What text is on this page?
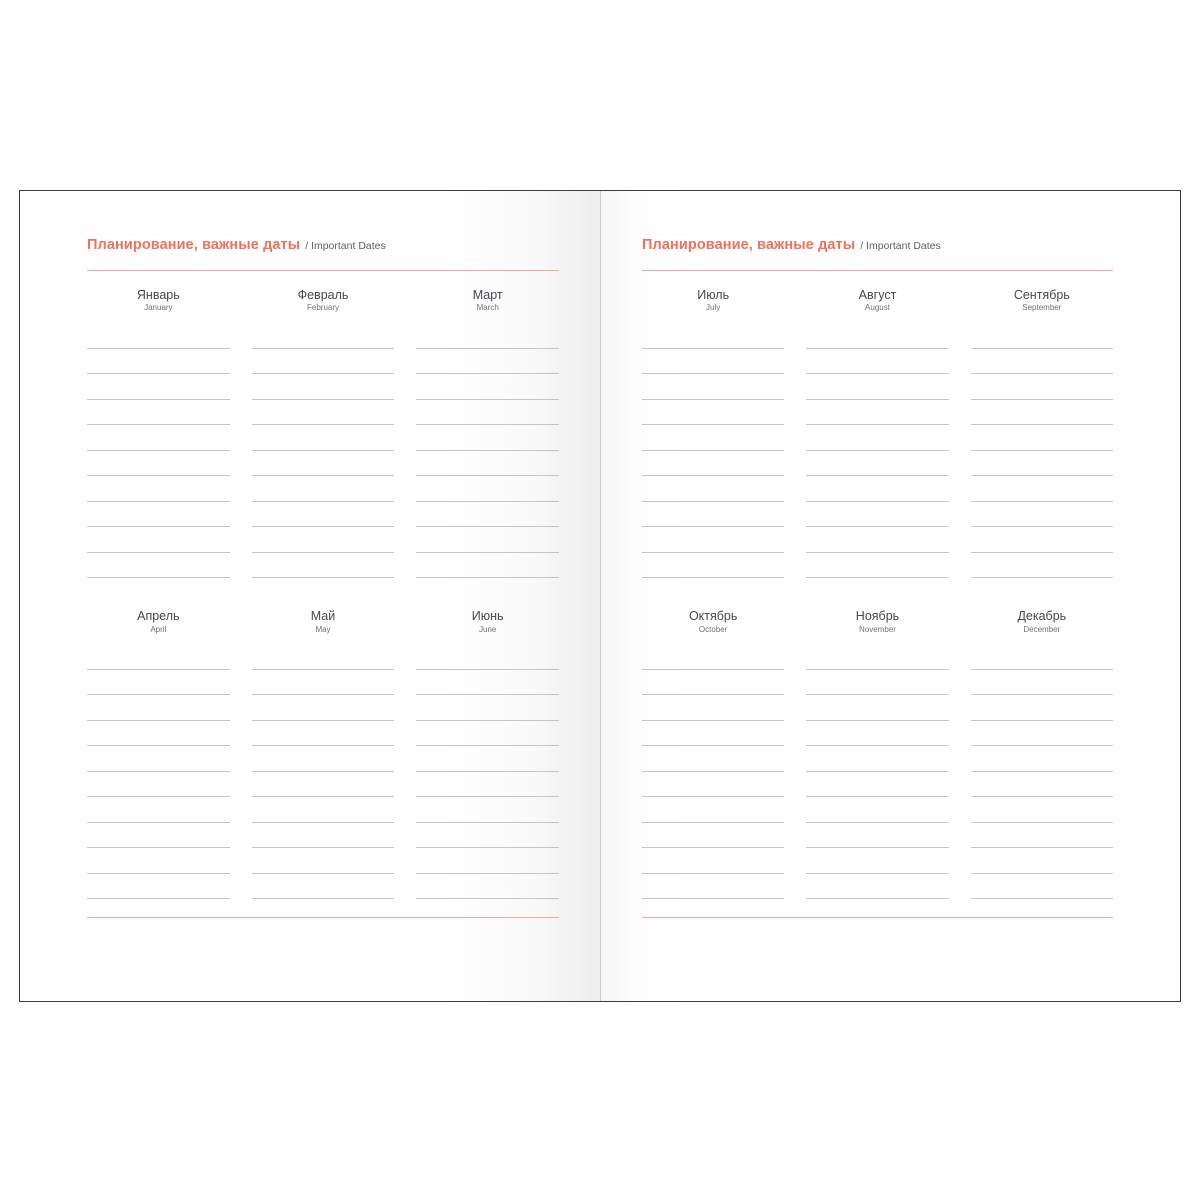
Планирование, важные даты / Important Dates
Январь
January
Февраль
February
Март
March
Апрель
April
Май
May
Июнь
June
Планирование, важные даты / Important Dates
Июль
July
Август
August
Сентябрь
September
Октябрь
October
Ноябрь
November
Декабрь
December
